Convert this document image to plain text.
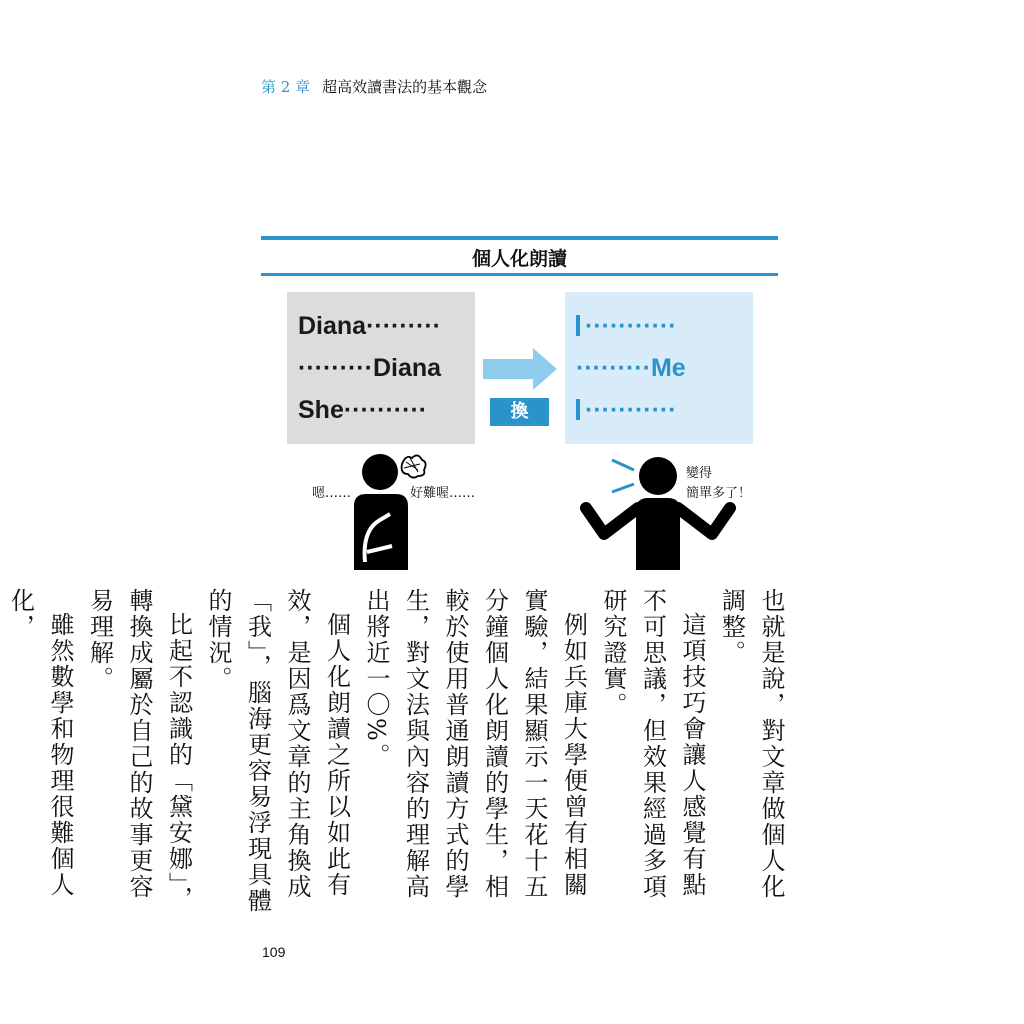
第 2 章 超高效讀書法的基本觀念
個人化朗讀
Diana·········
·········Diana
She··········	換
···········
·········Me
···········
嗯……	好難喔……
變得
簡單多了！

也就是說，對文章做個人化調整。

這項技巧會讓人感覺有點不可思議，但效果經過多項研究證實。

例如兵庫大學便曾有相關實驗，結果顯示一天花十五分鐘個人化朗讀的學生，相較於使用普通朗讀方式的學生，對文法與內容的理解高出將近一〇%。

個人化朗讀之所以如此有效，是因爲文章的主角換成「我」，腦海更容易浮現具體的情況。

比起不認識的「黛安娜」，轉換成屬於自己的故事更容易理解。

雖然數學和物理很難個人化，

109
